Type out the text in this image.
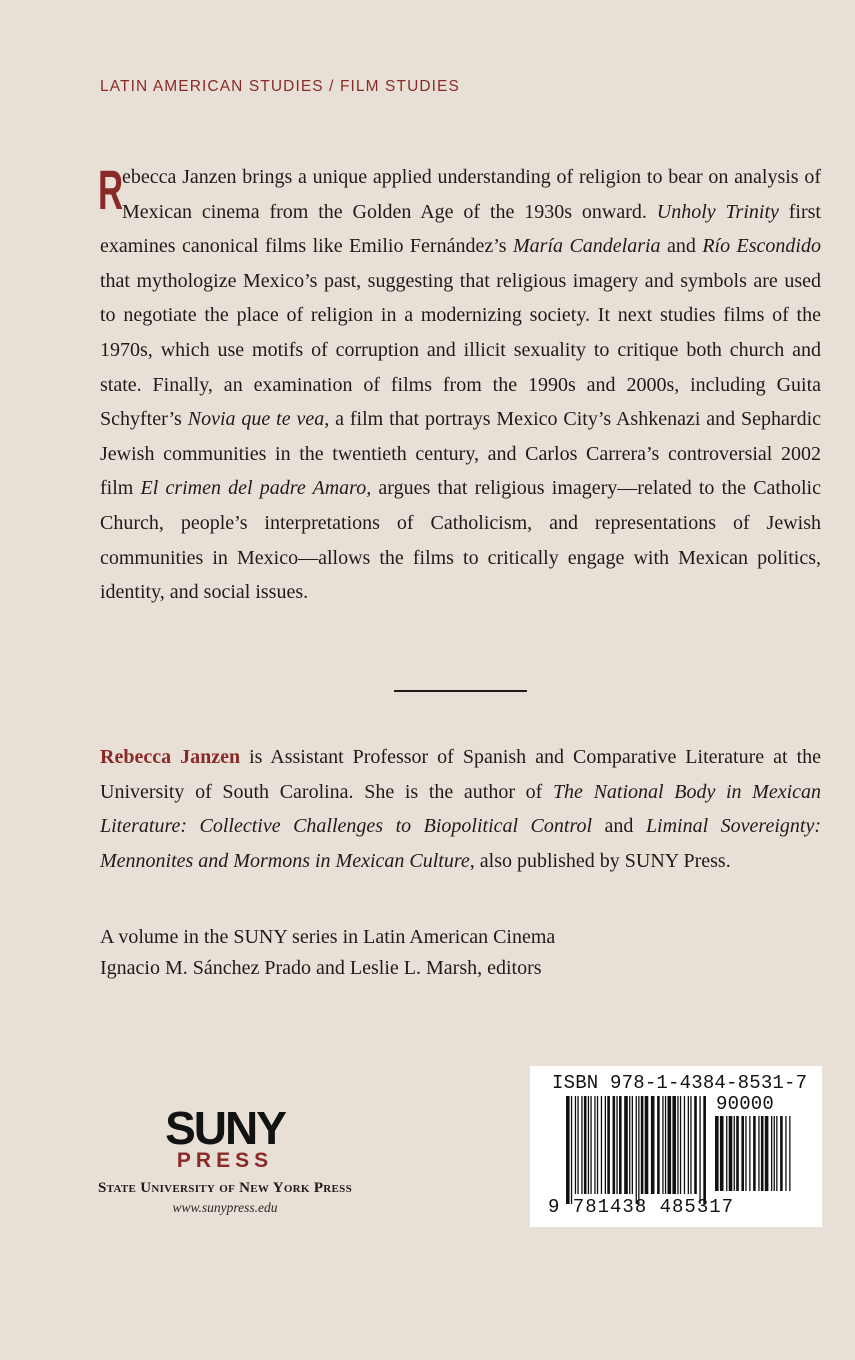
LATIN AMERICAN STUDIES / FILM STUDIES

R
ebecca Janzen brings a unique applied understanding of religion to bear on analysis of Mexican cinema from the Golden Age of the 1930s onward. Unholy Trinity first examines canonical films like Emilio Fernández’s María Candelaria and Río Escondido that mythologize Mexico’s past, suggesting that religious imagery and symbols are used to negotiate the place of religion in a modernizing society. It next studies films of the 1970s, which use motifs of corruption and illicit sexuality to critique both church and state. Finally, an examination of films from the 1990s and 2000s, including Guita Schyfter’s Novia que te vea, a film that portrays Mexico City’s Ashkenazi and Sephardic Jewish communities in the twentieth century, and Carlos Carrera’s controversial 2002 film El crimen del padre Amaro, argues that religious imagery—related to the Catholic Church, people’s interpretations of Catholicism, and representations of Jewish communities in Mexico—allows the films to critically engage with Mexican politics, identity, and social issues.

Rebecca Janzen is Assistant Professor of Spanish and Comparative Literature at the University of South Carolina. She is the author of The National Body in Mexican Literature: Collective Challenges to Biopolitical Control and Liminal Sovereignty: Mennonites and Mormons in Mexican Culture, also published by SUNY Press.

A volume in the SUNY series in Latin American Cinema
Ignacio M. Sánchez Prado and Leslie L. Marsh, editors
SUNY
PRESS
State University of New York Press
www.sunypress.edu
ISBN 978-1-4384-8531-7
90000
9 781438 485317
